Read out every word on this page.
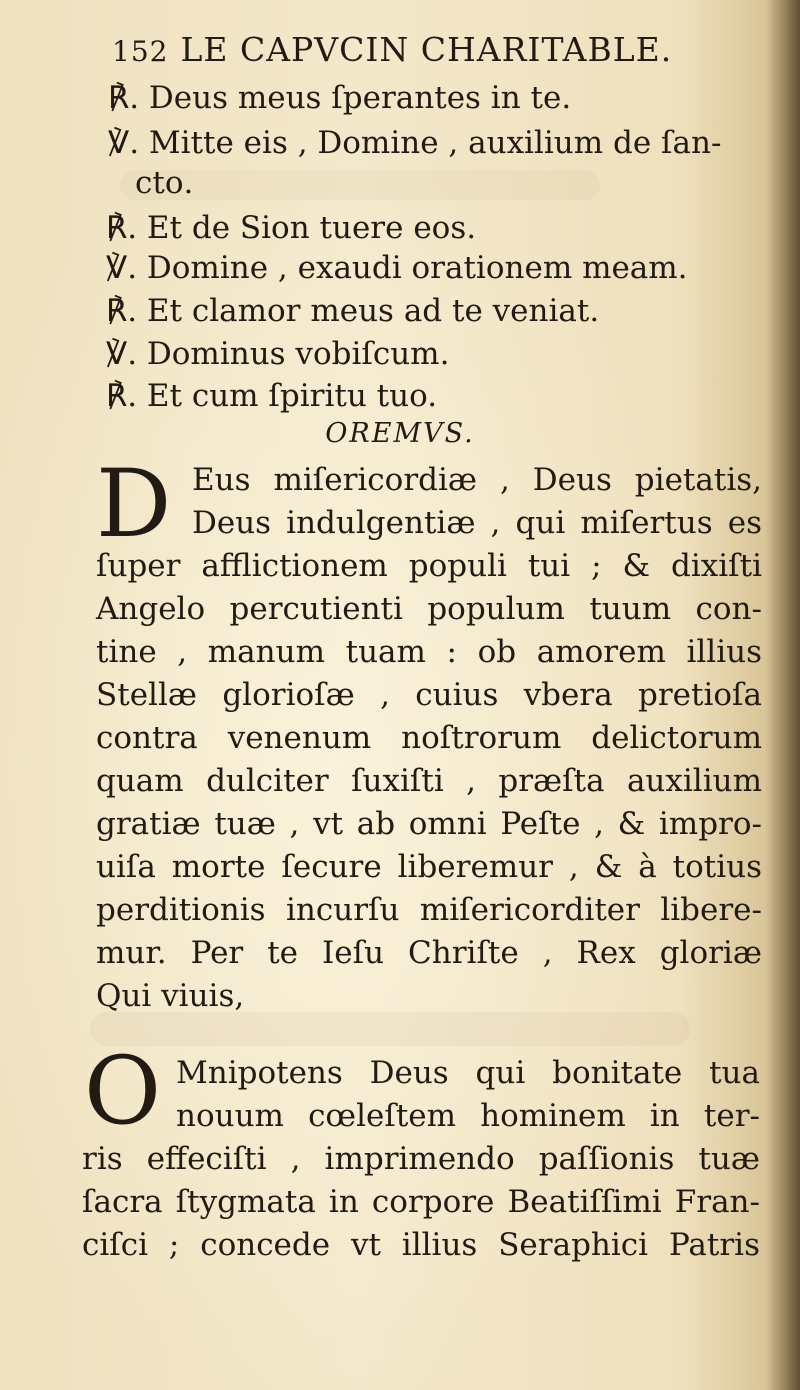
152 LE CAPVCIN CHARITABLE.
℟. Deus meus ſperantes in te.
℣. Mitte eis , Domine , auxilium de ſan-
ctο.
℟. Et de Sion tuere eos.
℣. Domine , exaudi orationem meam.
℟. Et clamor meus ad te veniat.
℣. Dominus vobiſcum.
℟. Et cum ſpiritu tuo.
OREMVS.
D Eus miſericordiæ , Deus pietatis,
Deus indulgentiæ , qui miſertus es
ſuper afflictionem populi tui ; & dixiſti
Angelo percutienti populum tuum con-
tine , manum tuam : ob amorem illius
Stellæ glorioſæ , cuius vbera pretioſa
contra venenum noſtrorum delictorum
quam dulciter ſuxiſti , præſta auxilium
gratiæ tuæ , vt ab omni Peſte , & impro-
uiſa morte ſecure liberemur , & à totius
perditionis incurſu miſericorditer libere-
mur. Per te Ieſu Chriſte , Rex gloriæ
Qui viuis,
O Mnipotens Deus qui bonitate tua
nouum cœleſtem hominem in ter-
ris effeciſti , imprimendo paſſionis tuæ
ſacra ſtygmata in corpore Beatiſſimi Fran-
ciſci ; concede vt illius Seraphici Patris
